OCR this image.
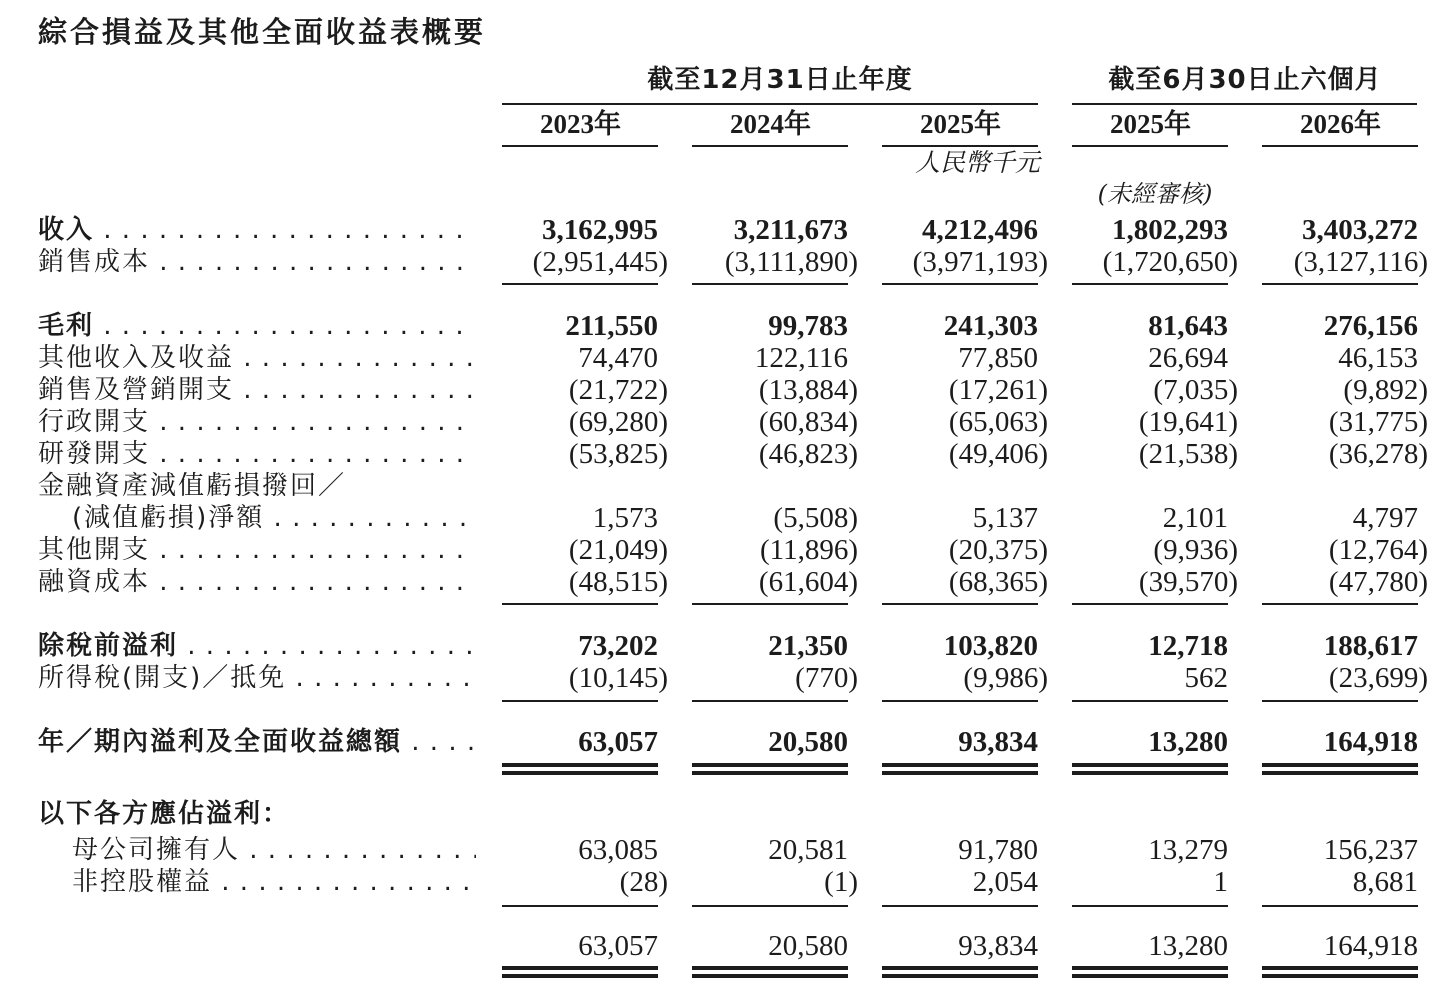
綜合損益及其他全面收益表概要
截至12月31日止年度	截至6月30日止六個月
2023年	2024年	2025年	2025年	2026年
人民幣千元
(未經審核)
收入 . . .	3,162,995	3,211,673	4,212,496	1,802,293	3,403,272
銷售成本 . . .	(2,951,445)	(3,111,890)	(3,971,193)	(1,720,650)	(3,127,116)
毛利 . . .	211,550	99,783	241,303	81,643	276,156
其他收入及收益 . . .	74,470	122,116	77,850	26,694	46,153
銷售及營銷開支 . . .	(21,722)	(13,884)	(17,261)	(7,035)	(9,892)
行政開支 . . .	(69,280)	(60,834)	(65,063)	(19,641)	(31,775)
研發開支 . . .	(53,825)	(46,823)	(49,406)	(21,538)	(36,278)
金融資產減值虧損撥回／
(減值虧損)淨額 . . .	1,573	(5,508)	5,137	2,101	4,797
其他開支 . . .	(21,049)	(11,896)	(20,375)	(9,936)	(12,764)
融資成本 . . .	(48,515)	(61,604)	(68,365)	(39,570)	(47,780)
除稅前溢利 . . .	73,202	21,350	103,820	12,718	188,617
所得稅(開支)／抵免 . . .	(10,145)	(770)	(9,986)	562	(23,699)
年／期內溢利及全面收益總額 . . .	63,057	20,580	93,834	13,280	164,918
以下各方應佔溢利：
母公司擁有人 . . .	63,085	20,581	91,780	13,279	156,237
非控股權益 . . .	(28)	(1)	2,054	1	8,681
63,057	20,580	93,834	13,280	164,918
